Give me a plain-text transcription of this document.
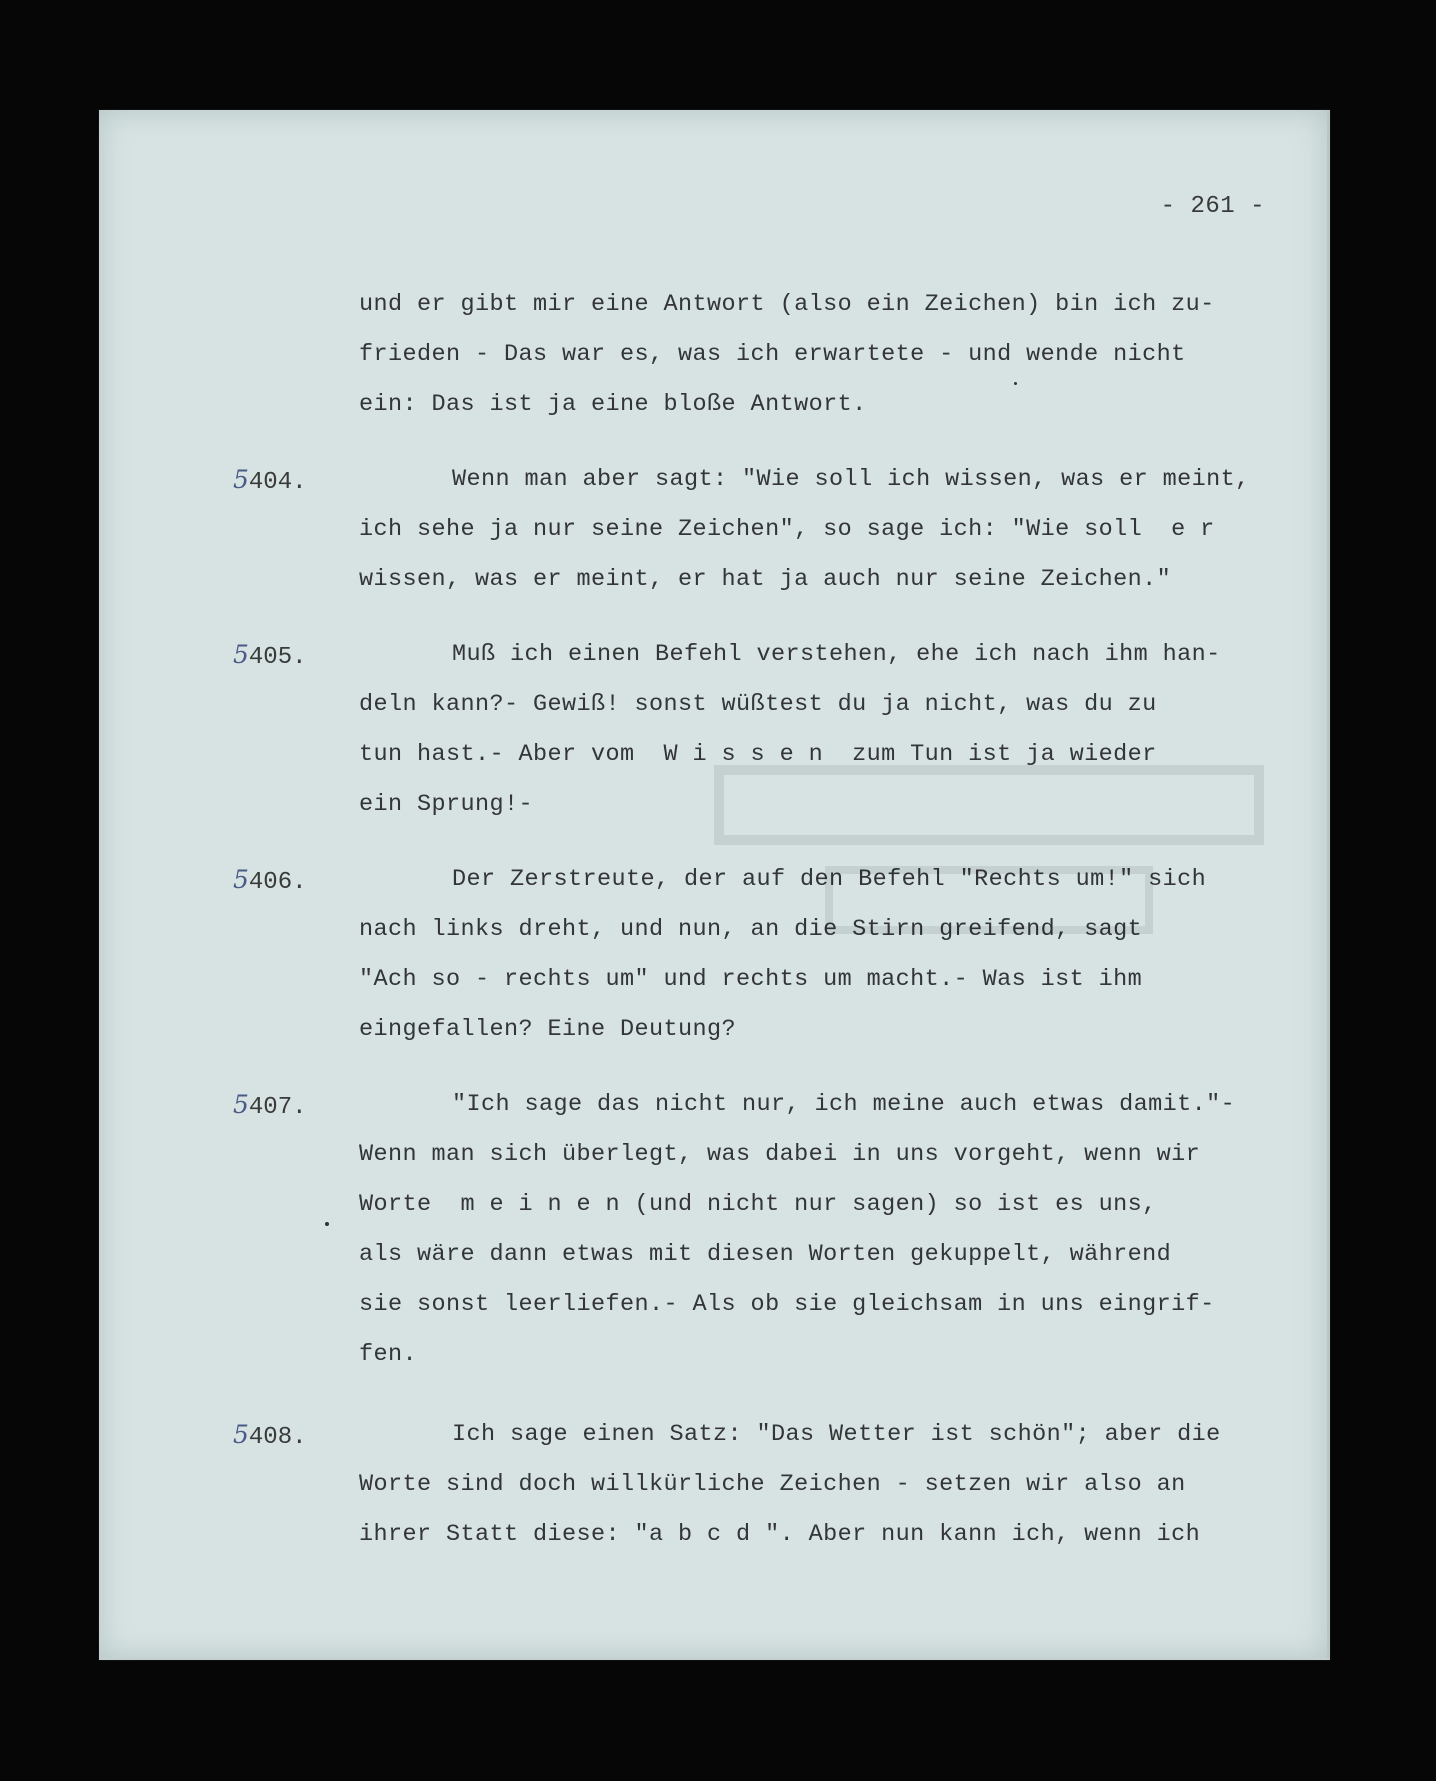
- 261 -
und er gibt mir eine Antwort (also ein Zeichen) bin ich zu-
frieden - Das war es, was ich erwartete - und wende nicht
ein: Das ist ja eine bloße Antwort.
5404.	Wenn man aber sagt: "Wie soll ich wissen, was er meint,
ich sehe ja nur seine Zeichen", so sage ich: "Wie soll  e r
wissen, was er meint, er hat ja auch nur seine Zeichen."
5405.	Muß ich einen Befehl verstehen, ehe ich nach ihm han-
deln kann?- Gewiß! sonst wüßtest du ja nicht, was du zu
tun hast.- Aber vom  W i s s e n  zum Tun ist ja wieder
ein Sprung!-
5406.	Der Zerstreute, der auf den Befehl "Rechts um!" sich
nach links dreht, und nun, an die Stirn greifend, sagt
"Ach so - rechts um" und rechts um macht.- Was ist ihm
eingefallen? Eine Deutung?
5407.	"Ich sage das nicht nur, ich meine auch etwas damit."-
Wenn man sich überlegt, was dabei in uns vorgeht, wenn wir
Worte  m e i n e n (und nicht nur sagen) so ist es uns,
als wäre dann etwas mit diesen Worten gekuppelt, während
sie sonst leerliefen.- Als ob sie gleichsam in uns eingrif-
fen.
5408.	Ich sage einen Satz: "Das Wetter ist schön"; aber die
Worte sind doch willkürliche Zeichen - setzen wir also an
ihrer Statt diese: "a b c d ". Aber nun kann ich, wenn ich
